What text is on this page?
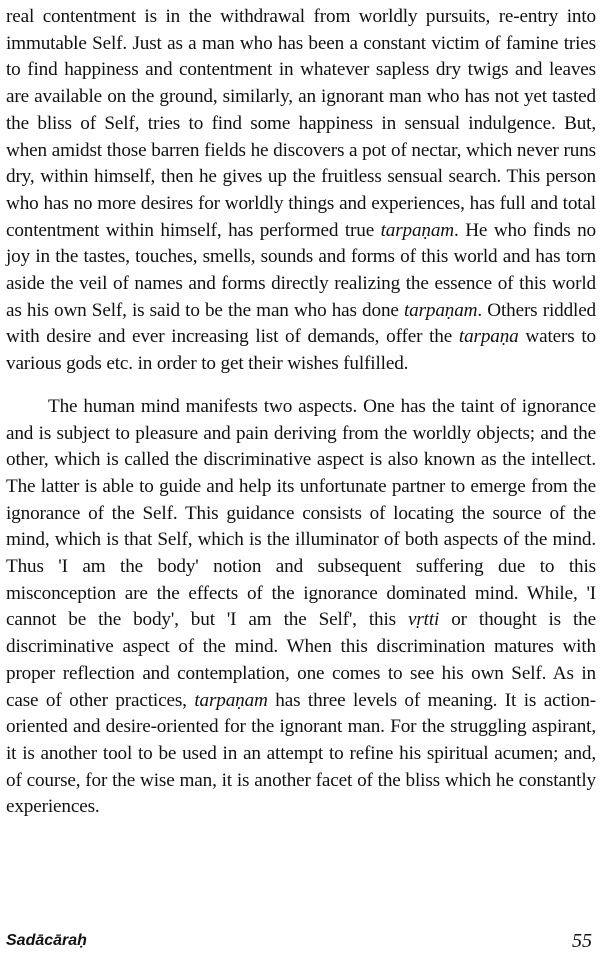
real contentment is in the withdrawal from worldly pursuits, re-entry into immutable Self. Just as a man who has been a constant victim of famine tries to find happiness and contentment in whatever sapless dry twigs and leaves are available on the ground, similarly, an ignorant man who has not yet tasted the bliss of Self, tries to find some happiness in sensual indulgence. But, when amidst those barren fields he discovers a pot of nectar, which never runs dry, within himself, then he gives up the fruitless sensual search. This person who has no more desires for worldly things and experiences, has full and total contentment within himself, has performed true tarpaṇam. He who finds no joy in the tastes, touches, smells, sounds and forms of this world and has torn aside the veil of names and forms directly realizing the essence of this world as his own Self, is said to be the man who has done tarpaṇam. Others riddled with desire and ever increasing list of demands, offer the tarpaṇa waters to various gods etc. in order to get their wishes fulfilled.

The human mind manifests two aspects. One has the taint of ignorance and is subject to pleasure and pain deriving from the worldly objects; and the other, which is called the discriminative aspect is also known as the intellect. The latter is able to guide and help its unfortunate partner to emerge from the ignorance of the Self. This guidance consists of locating the source of the mind, which is that Self, which is the illuminator of both aspects of the mind. Thus 'I am the body' notion and subsequent suffering due to this misconception are the effects of the ignorance dominated mind. While, 'I cannot be the body', but 'I am the Self', this vṛtti or thought is the discriminative aspect of the mind. When this discrimination matures with proper reflection and contemplation, one comes to see his own Self. As in case of other practices, tarpaṇam has three levels of meaning. It is action-oriented and desire-oriented for the ignorant man. For the struggling aspirant, it is another tool to be used in an attempt to refine his spiritual acumen; and, of course, for the wise man, it is another facet of the bliss which he constantly experiences.

Sadācāraḥ	55
